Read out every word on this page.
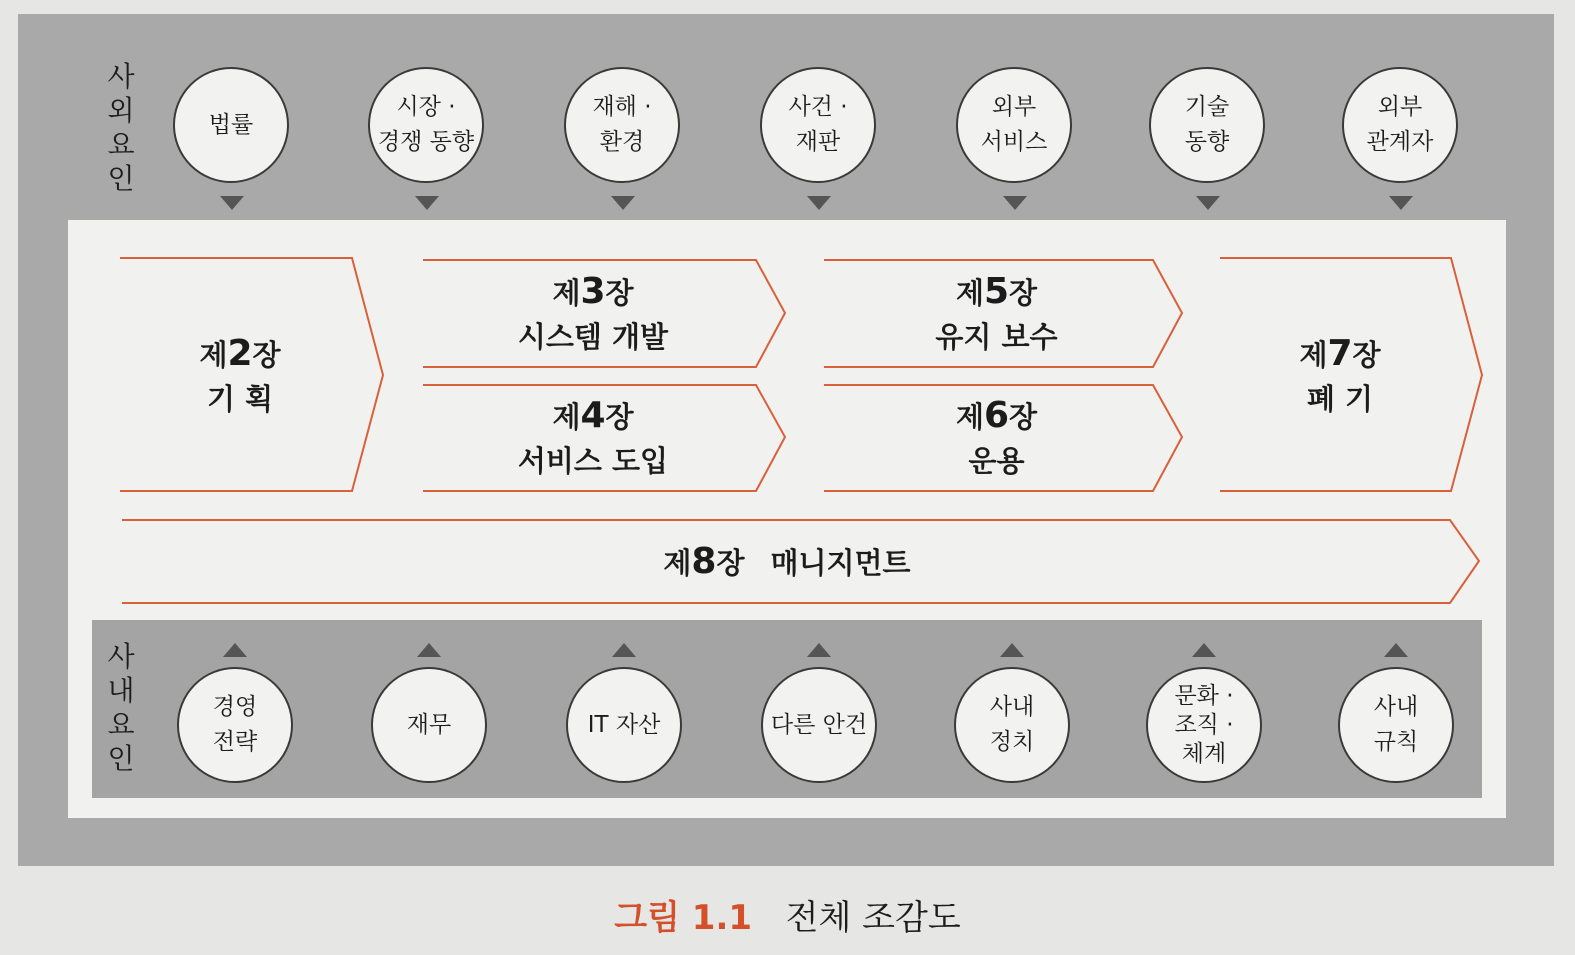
사
외
요
인
법률
시장 ·
경쟁 동향
재해 ·
환경
사건 ·
재판
외부
서비스
기술
동향
외부
관계자
제2장
기 획
제3장
시스템 개발
제4장
서비스 도입
제5장
유지 보수
제6장
운용
제7장
폐 기
제8장 매니지먼트
사
내
요
인
경영
전략
재무	IT 자산	다른 안건
사내
정치
문화 ·
조직 ·
체계
사내
규칙
그림 1.1 전체 조감도
